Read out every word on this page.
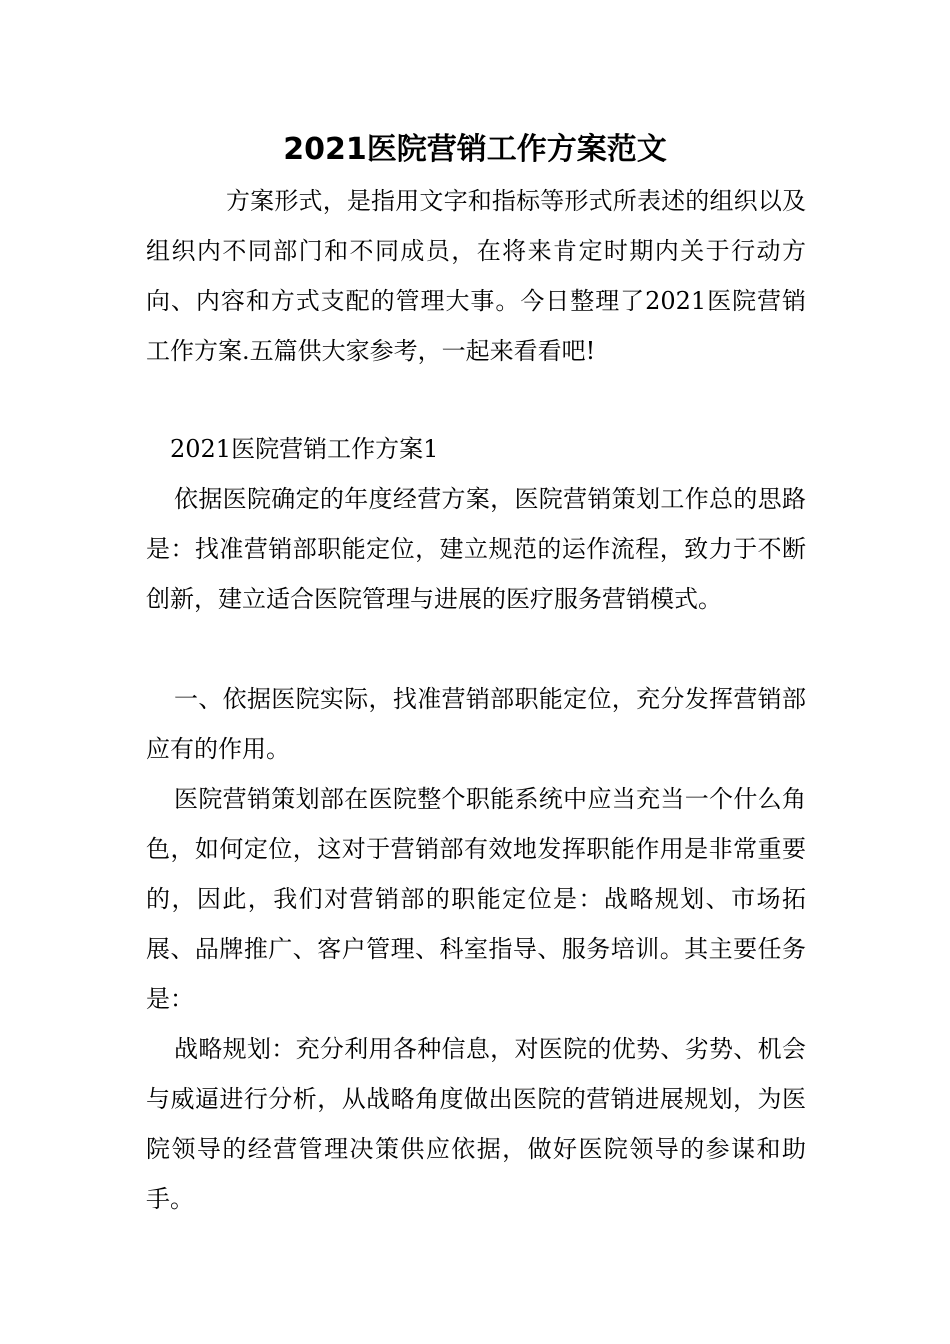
2021医院营销工作方案范文

方案形式，是指用文字和指标等形式所表述的组织以及组织内不同部门和不同成员，在将来肯定时期内关于行动方向、内容和方式支配的管理大事。今日整理了2021医院营销工作方案.五篇供大家参考，一起来看看吧!

2021医院营销工作方案1

依据医院确定的年度经营方案，医院营销策划工作总的思路是：找准营销部职能定位，建立规范的运作流程，致力于不断创新，建立适合医院管理与进展的医疗服务营销模式。

一、依据医院实际，找准营销部职能定位，充分发挥营销部应有的作用。

医院营销策划部在医院整个职能系统中应当充当一个什么角色，如何定位，这对于营销部有效地发挥职能作用是非常重要的，因此，我们对营销部的职能定位是：战略规划、市场拓展、品牌推广、客户管理、科室指导、服务培训。其主要任务是：

战略规划：充分利用各种信息，对医院的优势、劣势、机会与威逼进行分析，从战略角度做出医院的营销进展规划，为医院领导的经营管理决策供应依据，做好医院领导的参谋和助手。
